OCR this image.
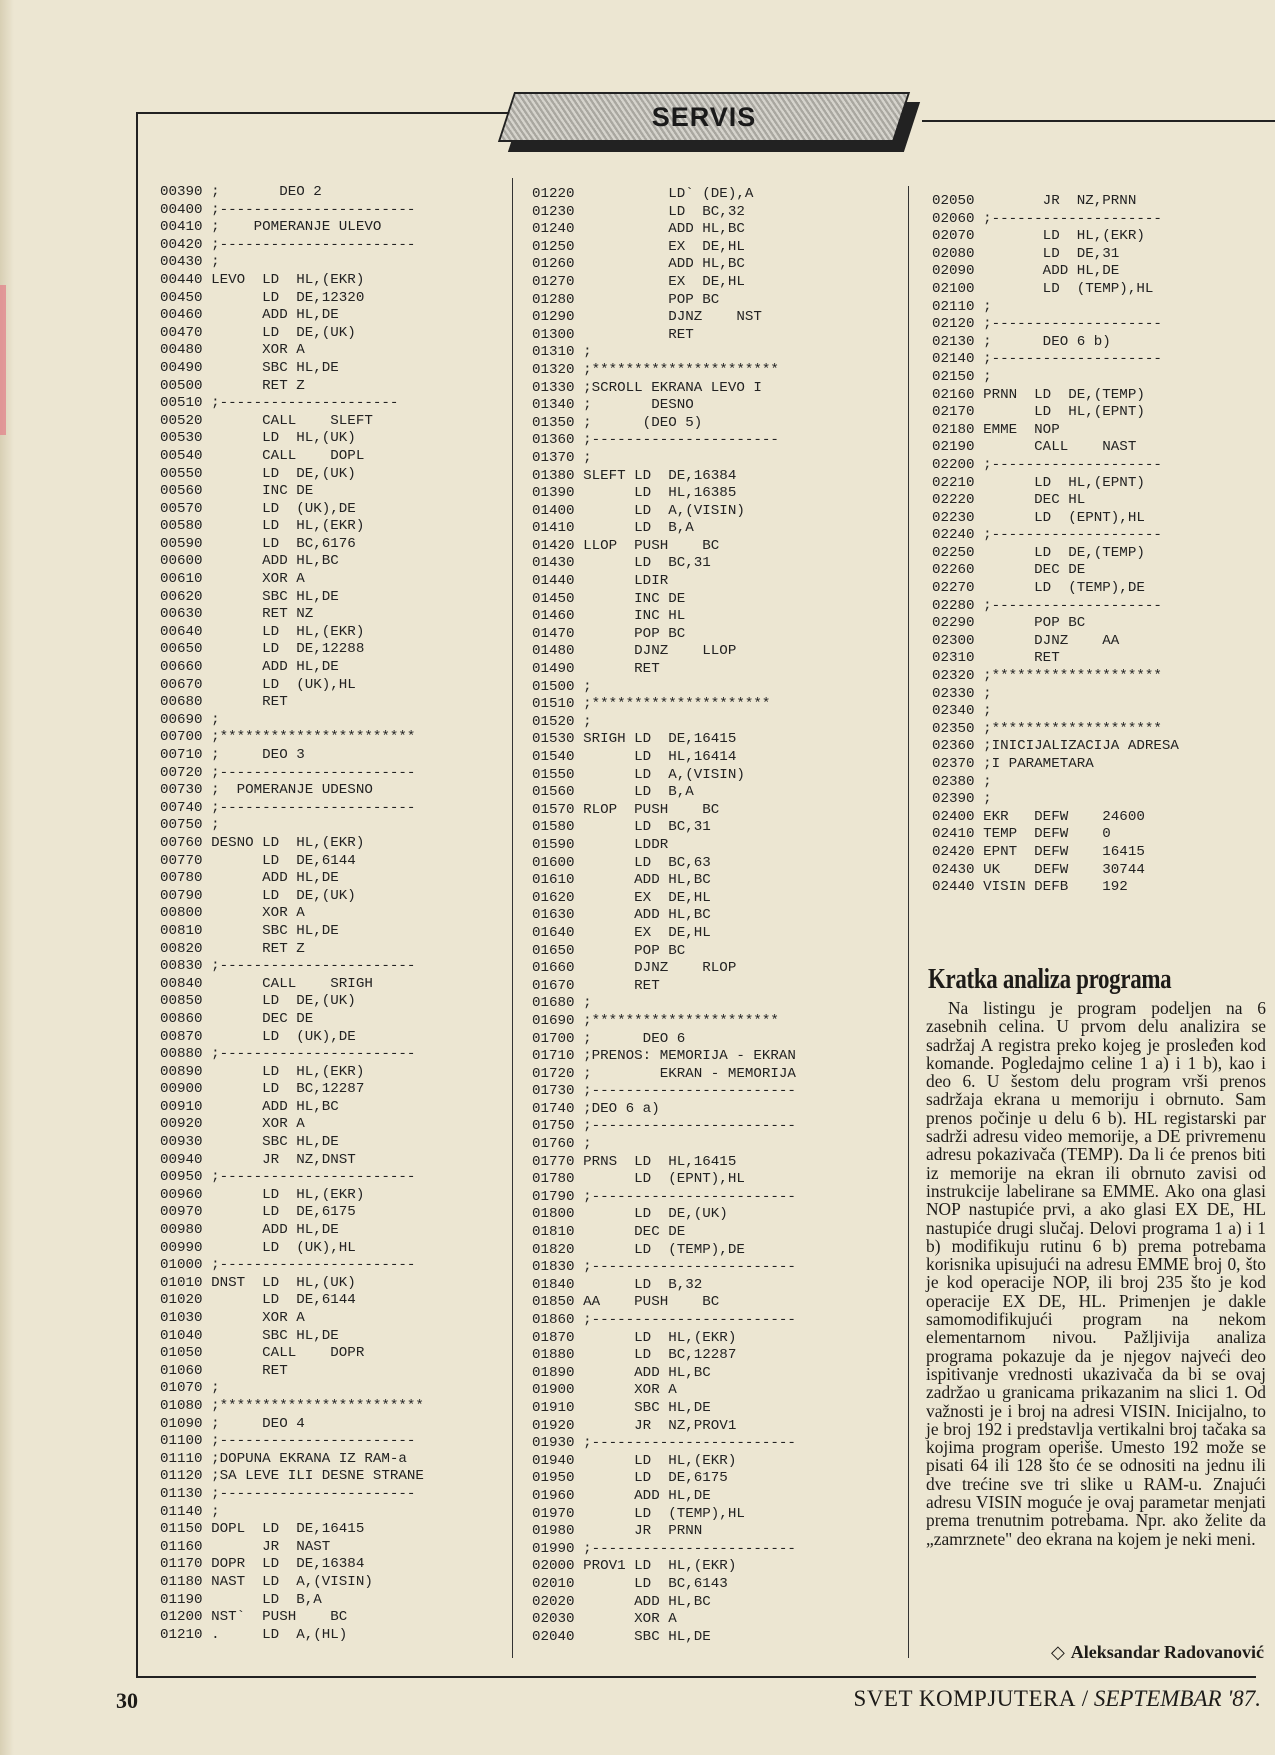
SERVIS
00390 ;       DEO 2
00400 ;-----------------------
00410 ;    POMERANJE ULEVO
00420 ;-----------------------
00430 ;
00440 LEVO  LD  HL,(EKR)
00450       LD  DE,12320
00460       ADD HL,DE
00470       LD  DE,(UK)
00480       XOR A
00490       SBC HL,DE
00500       RET Z
00510 ;---------------------
00520       CALL    SLEFT
00530       LD  HL,(UK)
00540       CALL    DOPL
00550       LD  DE,(UK)
00560       INC DE
00570       LD  (UK),DE
00580       LD  HL,(EKR)
00590       LD  BC,6176
00600       ADD HL,BC
00610       XOR A
00620       SBC HL,DE
00630       RET NZ
00640       LD  HL,(EKR)
00650       LD  DE,12288
00660       ADD HL,DE
00670       LD  (UK),HL
00680       RET
00690 ;
00700 ;***********************
00710 ;     DEO 3
00720 ;-----------------------
00730 ;  POMERANJE UDESNO
00740 ;-----------------------
00750 ;
00760 DESNO LD  HL,(EKR)
00770       LD  DE,6144
00780       ADD HL,DE
00790       LD  DE,(UK)
00800       XOR A
00810       SBC HL,DE
00820       RET Z
00830 ;-----------------------
00840       CALL    SRIGH
00850       LD  DE,(UK)
00860       DEC DE
00870       LD  (UK),DE
00880 ;-----------------------
00890       LD  HL,(EKR)
00900       LD  BC,12287
00910       ADD HL,BC
00920       XOR A
00930       SBC HL,DE
00940       JR  NZ,DNST
00950 ;-----------------------
00960       LD  HL,(EKR)
00970       LD  DE,6175
00980       ADD HL,DE
00990       LD  (UK),HL
01000 ;-----------------------
01010 DNST  LD  HL,(UK)
01020       LD  DE,6144
01030       XOR A
01040       SBC HL,DE
01050       CALL    DOPR
01060       RET
01070 ;
01080 ;************************
01090 ;     DEO 4
01100 ;-----------------------
01110 ;DOPUNA EKRANA IZ RAM-a
01120 ;SA LEVE ILI DESNE STRANE
01130 ;-----------------------
01140 ;
01150 DOPL  LD  DE,16415
01160       JR  NAST
01170 DOPR  LD  DE,16384
01180 NAST  LD  A,(VISIN)
01190       LD  B,A
01200 NST`  PUSH    BC
01210 .     LD  A,(HL)
01220           LD` (DE),A
01230           LD  BC,32
01240           ADD HL,BC
01250           EX  DE,HL
01260           ADD HL,BC
01270           EX  DE,HL
01280           POP BC
01290           DJNZ    NST
01300           RET
01310 ;
01320 ;**********************
01330 ;SCROLL EKRANA LEVO I
01340 ;       DESNO
01350 ;      (DEO 5)
01360 ;----------------------
01370 ;
01380 SLEFT LD  DE,16384
01390       LD  HL,16385
01400       LD  A,(VISIN)
01410       LD  B,A
01420 LLOP  PUSH    BC
01430       LD  BC,31
01440       LDIR
01450       INC DE
01460       INC HL
01470       POP BC
01480       DJNZ    LLOP
01490       RET
01500 ;
01510 ;*********************
01520 ;
01530 SRIGH LD  DE,16415
01540       LD  HL,16414
01550       LD  A,(VISIN)
01560       LD  B,A
01570 RLOP  PUSH    BC
01580       LD  BC,31
01590       LDDR
01600       LD  BC,63
01610       ADD HL,BC
01620       EX  DE,HL
01630       ADD HL,BC
01640       EX  DE,HL
01650       POP BC
01660       DJNZ    RLOP
01670       RET
01680 ;
01690 ;**********************
01700 ;      DEO 6
01710 ;PRENOS: MEMORIJA - EKRAN
01720 ;        EKRAN - MEMORIJA
01730 ;------------------------
01740 ;DEO 6 a)
01750 ;------------------------
01760 ;
01770 PRNS  LD  HL,16415
01780       LD  (EPNT),HL
01790 ;------------------------
01800       LD  DE,(UK)
01810       DEC DE
01820       LD  (TEMP),DE
01830 ;------------------------
01840       LD  B,32
01850 AA    PUSH    BC
01860 ;------------------------
01870       LD  HL,(EKR)
01880       LD  BC,12287
01890       ADD HL,BC
01900       XOR A
01910       SBC HL,DE
01920       JR  NZ,PROV1
01930 ;------------------------
01940       LD  HL,(EKR)
01950       LD  DE,6175
01960       ADD HL,DE
01970       LD  (TEMP),HL
01980       JR  PRNN
01990 ;------------------------
02000 PROV1 LD  HL,(EKR)
02010       LD  BC,6143
02020       ADD HL,BC
02030       XOR A
02040       SBC HL,DE
02050        JR  NZ,PRNN
02060 ;--------------------
02070        LD  HL,(EKR)
02080        LD  DE,31
02090        ADD HL,DE
02100        LD  (TEMP),HL
02110 ;
02120 ;--------------------
02130 ;      DEO 6 b)
02140 ;--------------------
02150 ;
02160 PRNN  LD  DE,(TEMP)
02170       LD  HL,(EPNT)
02180 EMME  NOP
02190       CALL    NAST
02200 ;--------------------
02210       LD  HL,(EPNT)
02220       DEC HL
02230       LD  (EPNT),HL
02240 ;--------------------
02250       LD  DE,(TEMP)
02260       DEC DE
02270       LD  (TEMP),DE
02280 ;--------------------
02290       POP BC
02300       DJNZ    AA
02310       RET
02320 ;********************
02330 ;
02340 ;
02350 ;********************
02360 ;INICIJALIZACIJA ADRESA
02370 ;I PARAMETARA
02380 ;
02390 ;
02400 EKR   DEFW    24600
02410 TEMP  DEFW    0
02420 EPNT  DEFW    16415
02430 UK    DEFW    30744
02440 VISIN DEFB    192
Kratka analiza programa
Na listingu je program podeljen na 6 zasebnih celina. U prvom delu analizira se sadržaj A registra preko kojeg je prosleđen kod komande. Pogledajmo celine 1 a) i 1 b), kao i deo 6. U šestom delu program vrši prenos sadržaja ekrana u memoriju i obrnuto. Sam prenos počinje u delu 6 b). HL registarski par sadrži adresu video memorije, a DE privremenu adresu pokazivača (TEMP). Da li će prenos biti iz memorije na ekran ili obrnuto zavisi od instrukcije labelirane sa EMME. Ako ona glasi NOP nastupiće prvi, a ako glasi EX DE, HL nastupiće drugi slučaj. Delovi programa 1 a) i 1 b) modifikuju rutinu 6 b) prema potrebama korisnika upisujući na adresu EMME broj 0, što je kod operacije NOP, ili broj 235 što je kod operacije EX DE, HL. Primenjen je dakle samomodifikujući program na nekom elementarnom nivou. Pažljivija analiza programa pokazuje da je njegov najveći deo ispitivanje vrednosti ukazivača da bi se ovaj zadržao u granicama prikazanim na slici 1. Od važnosti je i broj na adresi VISIN. Inicijalno, to je broj 192 i predstavlja vertikalni broj tačaka sa kojima program operiše. Umesto 192 može se pisati 64 ili 128 što će se odnositi na jednu ili dve trećine sve tri slike u RAM-u. Znajući adresu VISIN moguće je ovaj parametar menjati prema trenutnim potrebama. Npr. ako želite da „zamrznete" deo ekrana na kojem je neki meni.
◇ Aleksandar Radovanović
30	SVET KOMPJUTERA / SEPTEMBAR '87.
